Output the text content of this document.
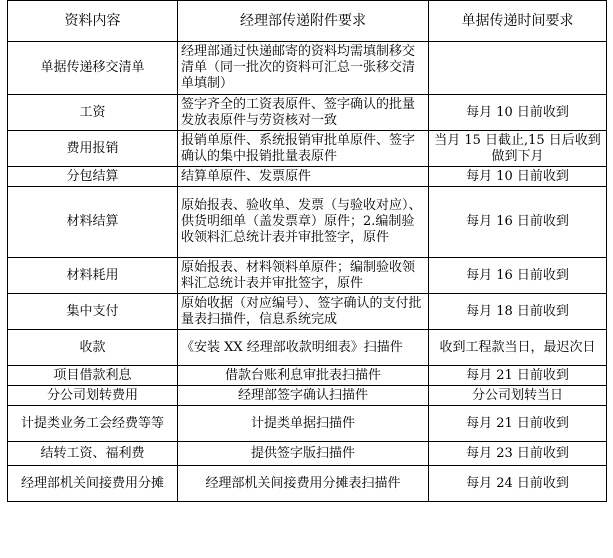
资料内容	经理部传递附件要求	单据传递时间要求
单据传递移交清单	经理部通过快递邮寄的资料均需填制移交清单（同一批次的资料可汇总一张移交清单填制）	
工资	签字齐全的工资表原件、签字确认的批量发放表原件与劳资核对一致	每月 10 日前收到
费用报销	报销单原件、系统报销审批单原件、签字确认的集中报销批量表原件	当月 15 日截止,15 日后收到做到下月
分包结算	结算单原件、发票原件	每月 10 日前收到
材料结算	原始报表、验收单、发票（与验收对应）、供货明细单（盖发票章）原件；2.编制验收领料汇总统计表并审批签字，原件	每月 16 日前收到
材料耗用	原始报表、材料领料单原件；编制验收领料汇总统计表并审批签字，原件	每月 16 日前收到
集中支付	原始收据（对应编号）、签字确认的支付批量表扫描件，信息系统完成	每月 18 日前收到
收款	《安装 XX 经理部收款明细表》扫描件	收到工程款当日，最迟次日
项目借款利息	借款台账利息审批表扫描件	每月 21 日前收到
分公司划转费用	经理部签字确认扫描件	分公司划转当日
计提类业务工会经费等等	计提类单据扫描件	每月 21 日前收到
结转工资、福利费	提供签字版扫描件	每月 23 日前收到
经理部机关间接费用分摊	经理部机关间接费用分摊表扫描件	每月 24 日前收到
